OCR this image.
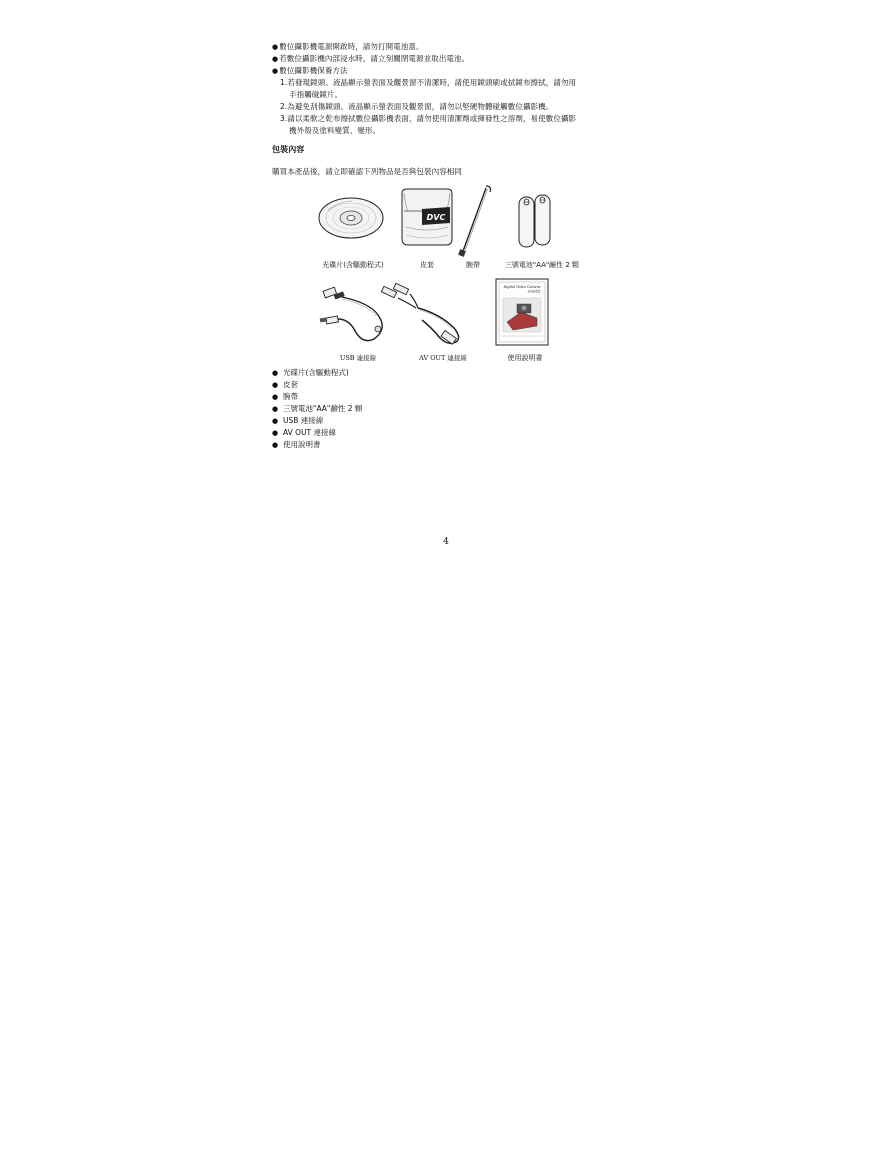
●數位攝影機電源開啟時，請勿打開電池蓋。
●若數位攝影機內部浸水時，請立刻關閉電源並取出電池。
●數位攝影機保養方法
1.若發現鏡頭、液晶顯示螢表面及觀景窗不清潔時，請使用鏡頭刷或拭鏡布擦拭，請勿用
手指觸碰鏡片。
2.為避免刮傷鏡頭、液晶顯示螢表面及觀景窗，請勿以堅硬物體碰觸數位攝影機。
3.請以柔軟之乾布擦拭數位攝影機表面，請勿使用清潔劑或揮發性之溶劑，易使數位攝影
機外殼及塗料變質、變形。
包裝內容
購買本產品後，請立即確認下列物品是否與包裝內容相同
DVC
光碟片(含驅動程式)	皮套	腕帶	三號電池"AA"鹼性 2 顆
Digital Video Camera
使用說明書
USB 連接線	AV OUT 連接線	使用說明書
● 光碟片(含驅動程式)
● 皮套
● 腕帶
● 三號電池"AA"鹼性 2 顆
● USB 連接線
● AV OUT 連接線
● 使用說明書
4
